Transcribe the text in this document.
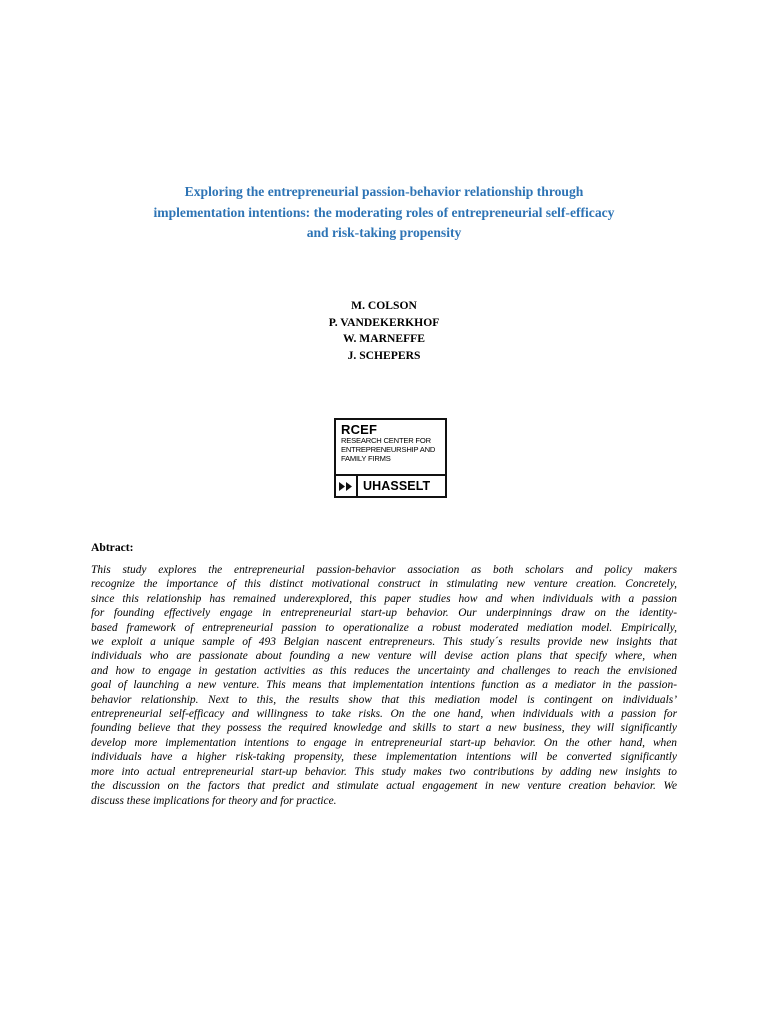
Exploring the entrepreneurial passion-behavior relationship through
implementation intentions: the moderating roles of entrepreneurial self-efficacy
and risk-taking propensity
M. COLSON
P. VANDEKERKHOF
W. MARNEFFE
J. SCHEPERS
RCEF
RESEARCH CENTER FOR
ENTREPRENEURSHIP AND
FAMILY FIRMS
UHASSELT
Abtract:

This study explores the entrepreneurial passion-behavior association as both scholars and policy makers
recognize the importance of this distinct motivational construct in stimulating new venture creation. Concretely,
since this relationship has remained underexplored, this paper studies how and when individuals with a passion
for founding effectively engage in entrepreneurial start-up behavior. Our underpinnings draw on the identity-
based framework of entrepreneurial passion to operationalize a robust moderated mediation model. Empirically,
we exploit a unique sample of 493 Belgian nascent entrepreneurs. This study´s results provide new insights that
individuals who are passionate about founding a new venture will devise action plans that specify where, when
and how to engage in gestation activities as this reduces the uncertainty and challenges to reach the envisioned
goal of launching a new venture. This means that implementation intentions function as a mediator in the passion-
behavior relationship. Next to this, the results show that this mediation model is contingent on individuals’
entrepreneurial self-efficacy and willingness to take risks. On the one hand, when individuals with a passion for
founding believe that they possess the required knowledge and skills to start a new business, they will significantly
develop more implementation intentions to engage in entrepreneurial start-up behavior. On the other hand, when
individuals have a higher risk-taking propensity, these implementation intentions will be converted significantly
more into actual entrepreneurial start-up behavior. This study makes two contributions by adding new insights to
the discussion on the factors that predict and stimulate actual engagement in new venture creation behavior. We
discuss these implications for theory and for practice.
